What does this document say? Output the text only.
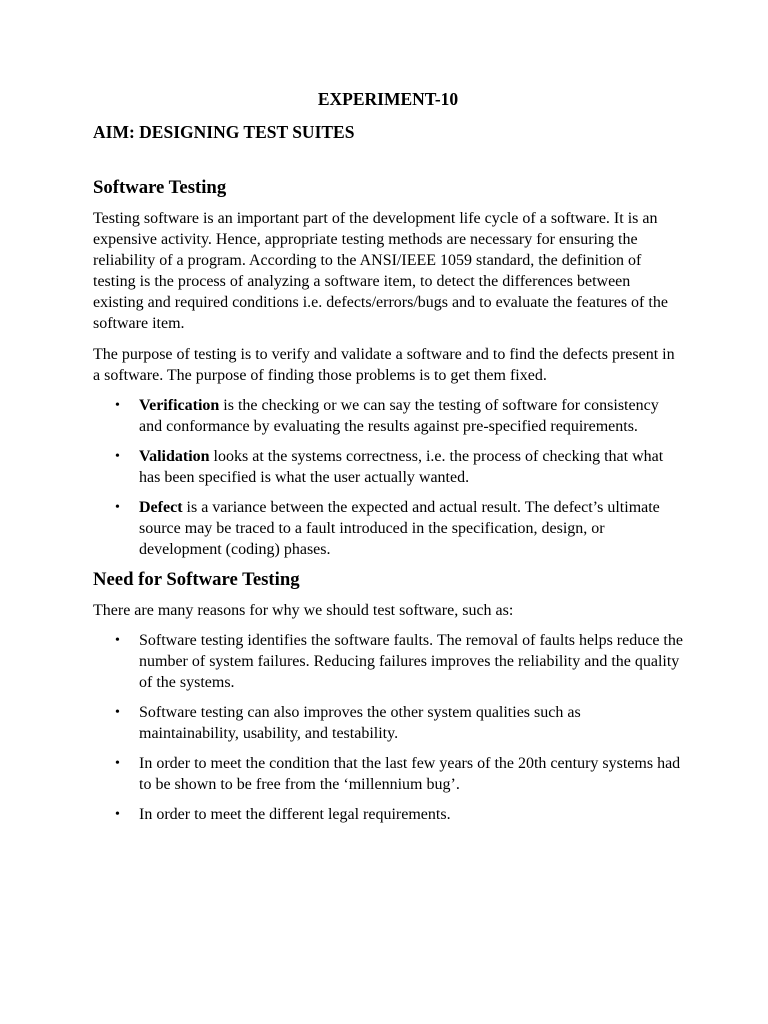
EXPERIMENT-10
AIM: DESIGNING TEST SUITES
Software Testing

Testing software is an important part of the development life cycle of a software. It is an expensive activity. Hence, appropriate testing methods are necessary for ensuring the reliability of a program. According to the ANSI/IEEE 1059 standard, the definition of testing is the process of analyzing a software item, to detect the differences between existing and required conditions i.e. defects/errors/bugs and to evaluate the features of the software item.

The purpose of testing is to verify and validate a software and to find the defects present in a software. The purpose of finding those problems is to get them fixed.

• Verification is the checking or we can say the testing of software for consistency and conformance by evaluating the results against pre-specified requirements.
• Validation looks at the systems correctness, i.e. the process of checking that what has been specified is what the user actually wanted.
• Defect is a variance between the expected and actual result. The defect’s ultimate source may be traced to a fault introduced in the specification, design, or development (coding) phases.
Need for Software Testing

There are many reasons for why we should test software, such as:

• Software testing identifies the software faults. The removal of faults helps reduce the number of system failures. Reducing failures improves the reliability and the quality of the systems.
• Software testing can also improves the other system qualities such as maintainability, usability, and testability.
• In order to meet the condition that the last few years of the 20th century systems had to be shown to be free from the ‘millennium bug’.
• In order to meet the different legal requirements.
